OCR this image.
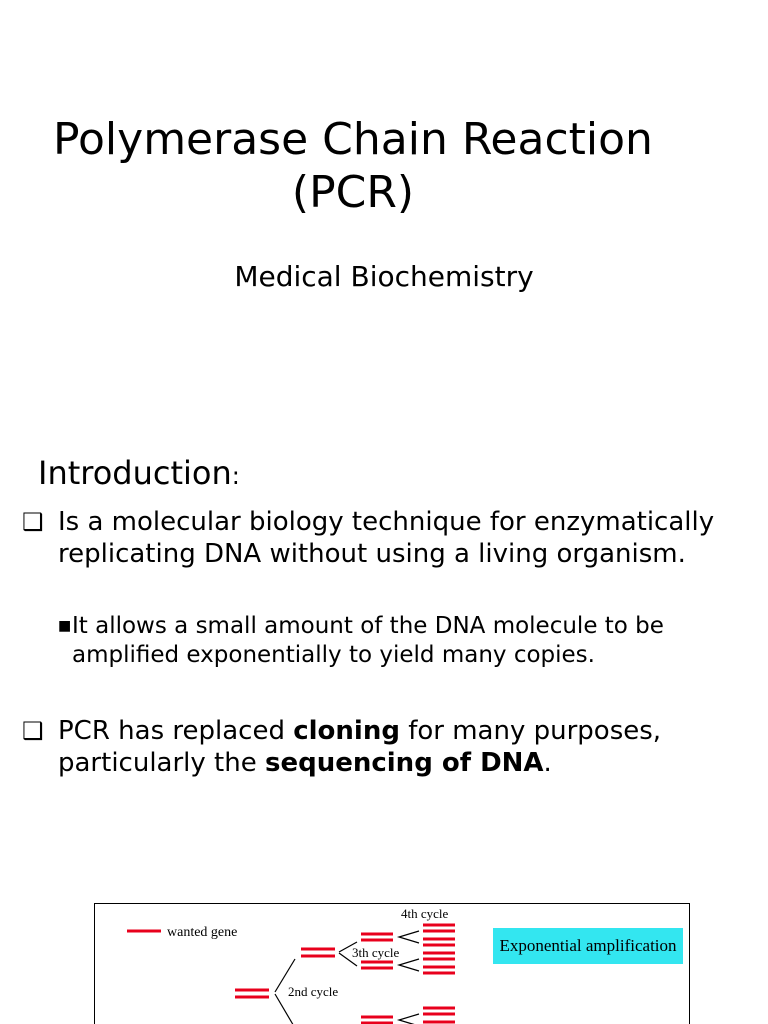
Polymerase Chain Reaction
(PCR)
Medical Biochemistry
Introduction:
❑ Is a molecular biology technique for enzymatically
replicating DNA without using a living organism.
■ It allows a small amount of the DNA molecule to be
amplified exponentially to yield many copies.
❑ PCR has replaced cloning for many purposes,
particularly the sequencing of DNA.
wanted gene
2nd cycle
3th cycle
4th cycle
Exponential amplification
